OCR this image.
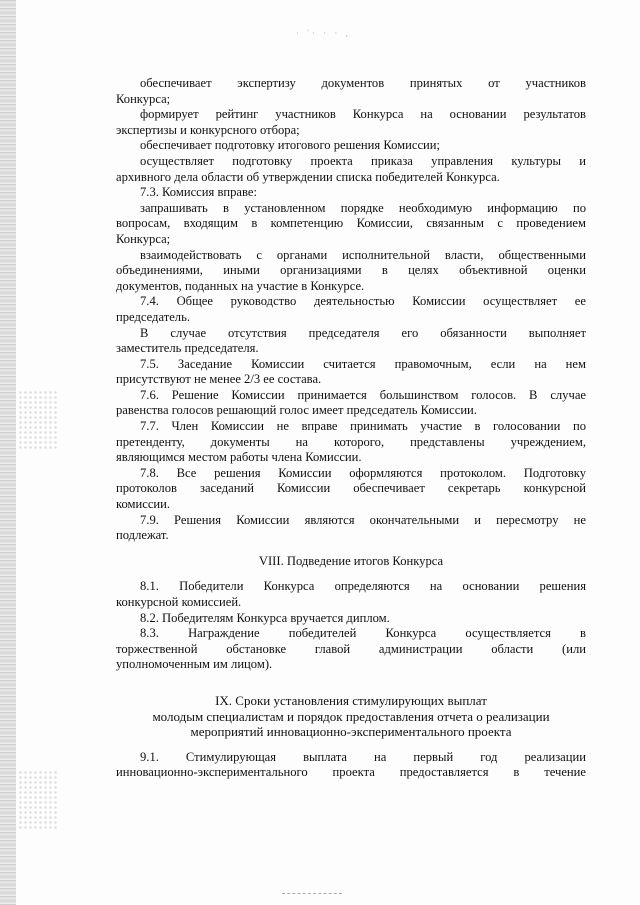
· '· · · ,

обеспечивает экспертизу документов принятых от участников

Конкурса;

формирует рейтинг участников Конкурса на основании результатов

экспертизы и конкурсного отбора;

обеспечивает подготовку итогового решения Комиссии;

осуществляет подготовку проекта приказа управления культуры и

архивного дела области об утверждении списка победителей Конкурса.

7.3. Комиссия вправе:

запрашивать в установленном порядке необходимую информацию по

вопросам, входящим в компетенцию Комиссии, связанным с проведением

Конкурса;

взаимодействовать с органами исполнительной власти, общественными

объединениями, иными организациями в целях объективной оценки

документов, поданных на участие в Конкурсе.

7.4. Общее руководство деятельностью Комиссии осуществляет ее

председатель.

В случае отсутствия председателя его обязанности выполняет

заместитель председателя.

7.5. Заседание Комиссии считается правомочным, если на нем

присутствуют не менее 2/3 ее состава.

7.6. Решение Комиссии принимается большинством голосов. В случае

равенства голосов решающий голос имеет председатель Комиссии.

7.7. Член Комиссии не вправе принимать участие в голосовании по

претенденту, документы на которого, представлены учреждением,

являющимся местом работы члена Комиссии.

7.8. Все решения Комиссии оформляются протоколом. Подготовку

протоколов заседаний Комиссии обеспечивает секретарь конкурсной

комиссии.

7.9. Решения Комиссии являются окончательными и пересмотру не

подлежат.

VIII. Подведение итогов Конкурса

8.1. Победители Конкурса определяются на основании решения

конкурсной комиссией.

8.2. Победителям Конкурса вручается диплом.

8.3. Награждение победителей Конкурса осуществляется в

торжественной обстановке главой администрации области (или

уполномоченным им лицом).

IX. Сроки установления стимулирующих выплат

молодым специалистам и порядок предоставления отчета о реализации

мероприятий инновационно-экспериментального проекта

9.1. Стимулирующая выплата на первый год реализации

инновационно-экспериментального проекта предоставляется в течение
